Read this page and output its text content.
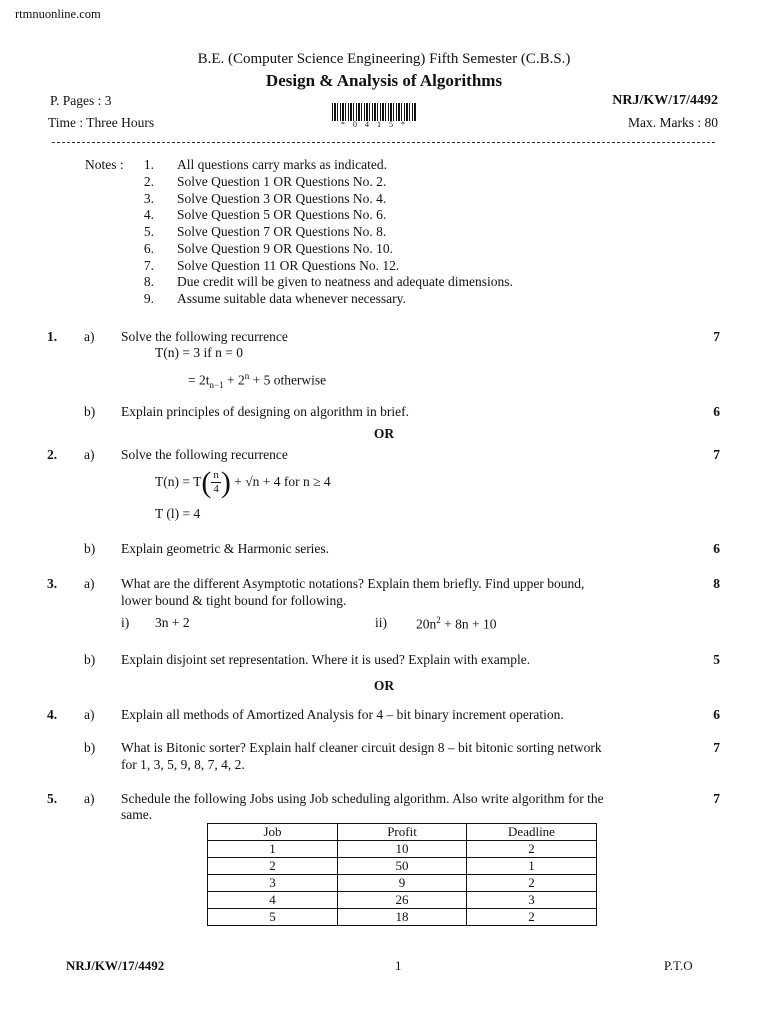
rtmnuonline.com
B.E. (Computer Science Engineering) Fifth Semester (C.B.S.)
Design & Analysis of Algorithms
P. Pages : 3	NRJ/KW/17/4492
Time : Three Hours	Max. Marks : 80
* 0 4 1 5 *
Notes :	1. All questions carry marks as indicated.
2. Solve Question 1 OR Questions No. 2.
3. Solve Question 3 OR Questions No. 4.
4. Solve Question 5 OR Questions No. 6.
5. Solve Question 7 OR Questions No. 8.
6. Solve Question 9 OR Questions No. 10.
7. Solve Question 11 OR Questions No. 12.
8. Due credit will be given to neatness and adequate dimensions.
9. Assume suitable data whenever necessary.
1. a) Solve the following recurrence	7
T(n) = 3 if n = 0
= $2t_{n-1} + 2^n + 5$ otherwise
b) Explain principles of designing on algorithm in brief.	6
OR
2. a) Solve the following recurrence	7
$T(n) = T( \frac{n}{4}$ ) + √n + 4 for n ≥ 4
T (l) = 4
b) Explain geometric & Harmonic series.	6
3. a) What are the different Asymptotic notations? Explain them briefly. Find upper bound,	8
lower bound & tight bound for following.
i) 3n + 2	ii) $20n^2 + 8n + 10$
b) Explain disjoint set representation. Where it is used? Explain with example.	5
OR
4. a) Explain all methods of Amortized Analysis for 4 – bit binary increment operation.	6
b) What is Bitonic sorter? Explain half cleaner circuit design 8 – bit bitonic sorting network	7
for 1, 3, 5, 9, 8, 7, 4, 2.
5. a) Schedule the following Jobs using Job scheduling algorithm. Also write algorithm for the	7
same.
Job	Profit	Deadline
1	10	2
2	50	1
3	9	2
4	26	3
5	18	2
NRJ/KW/17/4492	1	P.T.O
